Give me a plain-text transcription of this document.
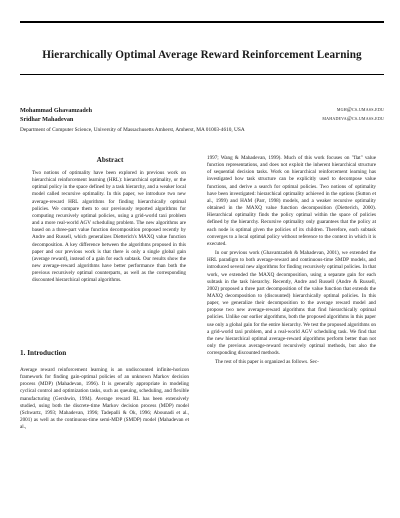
Hierarchically Optimal Average Reward Reinforcement Learning
Mohammad Ghavamzadeh	mgh@cs.umass.edu
Sridhar Mahadevan	mahadeva@cs.umass.edu
Department of Computer Science, University of Massachusetts Amherst, Amherst, MA 01003-4610, USA
Abstract

Two notions of optimality have been explored in previous work on hierarchical reinforcement learning (HRL): hierarchical optimality, or the optimal policy in the space defined by a task hierarchy, and a weaker local model called recursive optimality. In this paper, we introduce two new average-reward HRL algorithms for finding hierarchically optimal policies. We compare them to our previously reported algorithms for computing recursively optimal policies, using a grid-world taxi problem and a more real-world AGV scheduling problem. The new algorithms are based on a three-part value function decomposition proposed recently by Andre and Russell, which generalizes Dietterich's MAXQ value function decomposition. A key difference between the algorithms proposed in this paper and our previous work is that there is only a single global gain (average reward), instead of a gain for each subtask. Our results show the new average-reward algorithms have better performance than both the previous recursively optimal counterparts, as well as the corresponding discounted hierarchical optimal algorithms.

1. Introduction

Average reward reinforcement learning is an undiscounted infinite-horizon framework for finding gain-optimal policies of an unknown Markov decision process (MDP) (Mahadevan, 1996). It is generally appropriate in modeling cyclical control and optimization tasks, such as queuing, scheduling, and flexible manufacturing (Gershwin, 1994). Average reward RL has been extensively studied, using both the discrete-time Markov decision process (MDP) model (Schwartz, 1993; Mahadevan, 1996; Tadepalli & Ok, 1996; Abounadi et al., 2001) as well as the continuous-time semi-MDP (SMDP) model (Mahadevan et al.,

1997; Wang & Mahadevan, 1999). Much of this work focuses on "flat" value function representations, and does not exploit the inherent hierarchical structure of sequential decision tasks. Work on hierarchical reinforcement learning has investigated how task structure can be explicitly used to decompose value functions, and derive a search for optimal policies. Two notions of optimality have been investigated: hierarchical optimality achieved in the options (Sutton et al., 1999) and HAM (Parr, 1998) models, and a weaker recursive optimality obtained in the MAXQ value function decomposition (Dietterich, 2000). Hierarchical optimality finds the policy optimal within the space of policies defined by the hierarchy. Recursive optimality only guarantees that the policy at each node is optimal given the policies of its children. Therefore, each subtask converges to a local optimal policy without reference to the context in which it is executed.

In our previous work (Ghavamzadeh & Mahadevan, 2001), we extended the HRL paradigm to both average-reward and continuous-time SMDP models, and introduced several new algorithms for finding recursively optimal policies. In that work, we extended the MAXQ decomposition, using a separate gain for each subtask in the task hierarchy. Recently, Andre and Russell (Andre & Russell, 2002) proposed a three part decomposition of the value function that extends the MAXQ decomposition to (discounted) hierarchically optimal policies. In this paper, we generalize their decomposition to the average reward model and propose two new average-reward algorithms that find hierarchically optimal policies. Unlike our earlier algorithms, both the proposed algorithms in this paper use only a global gain for the entire hierarchy. We test the proposed algorithms on a grid-world taxi problem, and a real-world AGV scheduling task. We find that the new hierarchical optimal average-reward algorithms perform better than not only the previous average-reward recursively optimal methods, but also the corresponding discounted methods.

The rest of this paper is organized as follows. Sec-
